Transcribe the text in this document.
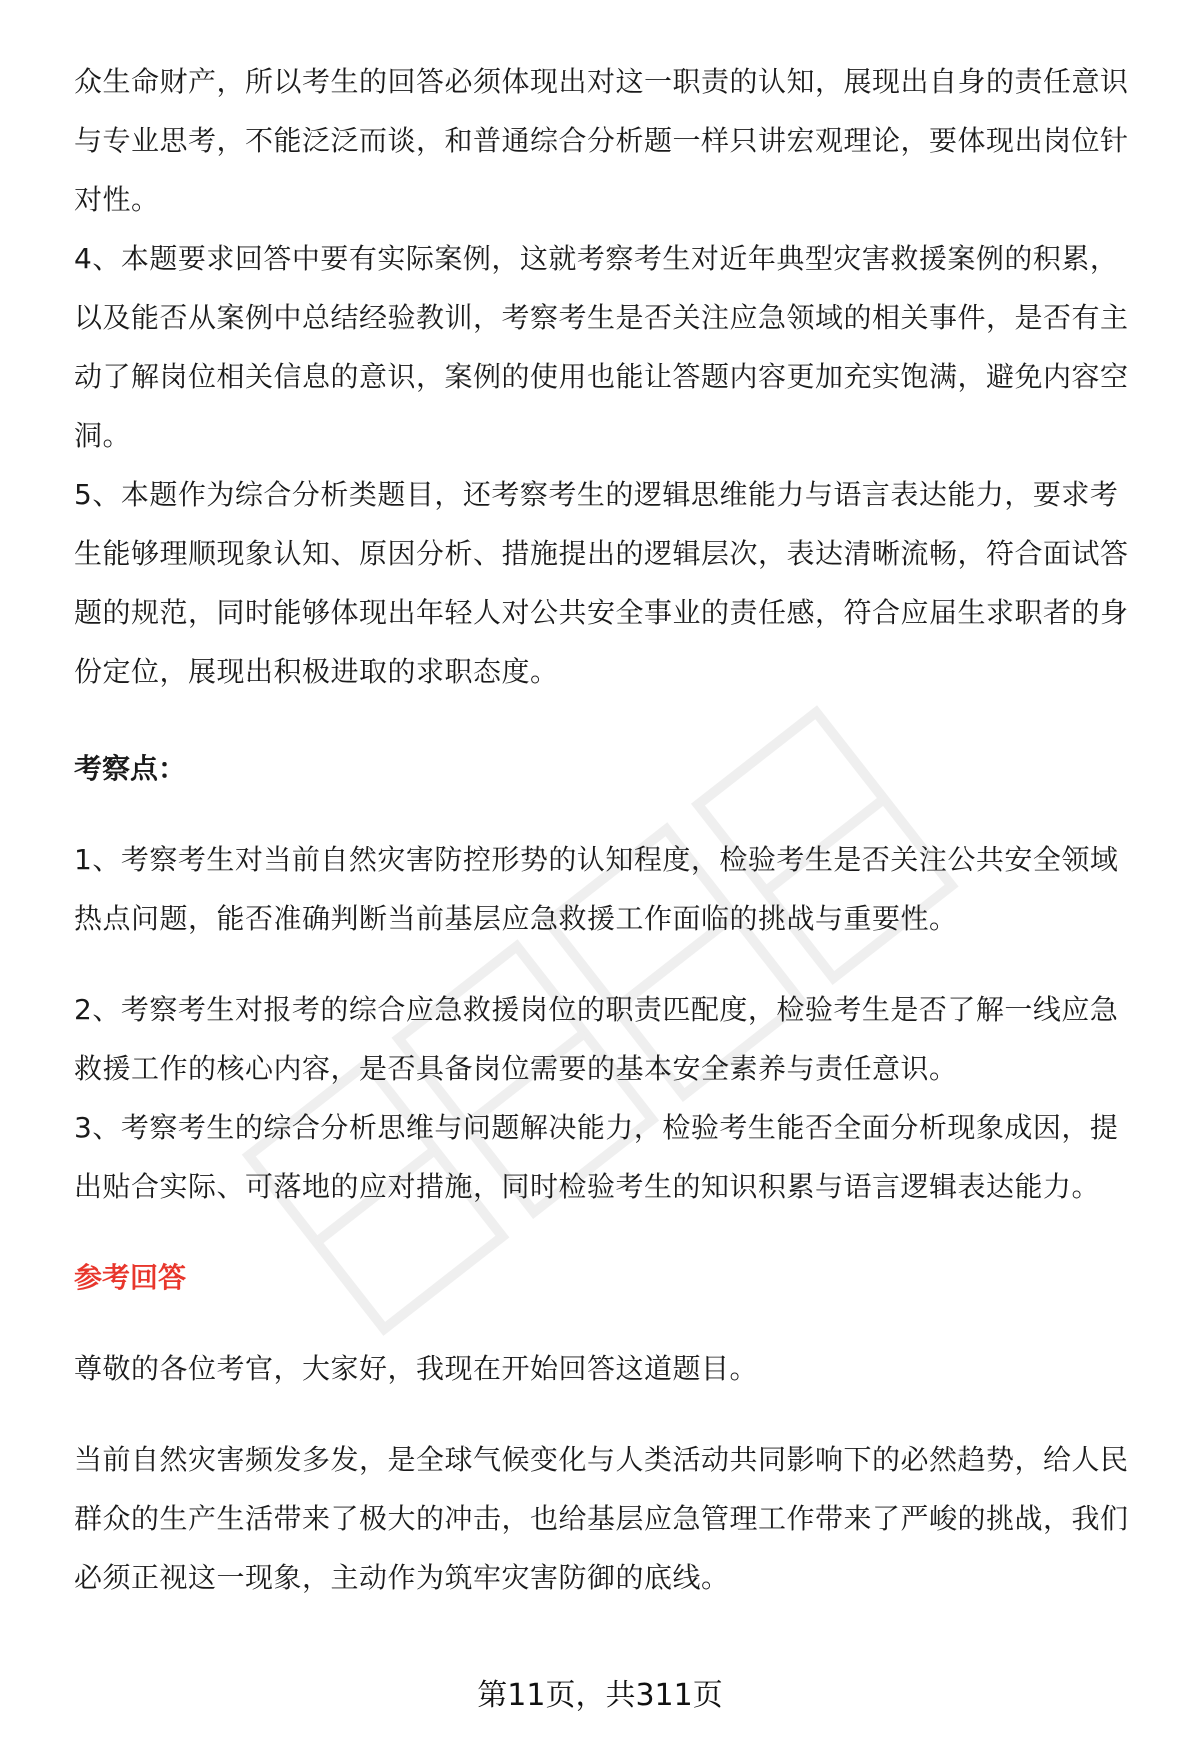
众生命财产，所以考生的回答必须体现出对这一职责的认知，展现出自身的责任意识与专业思考，不能泛泛而谈，和普通综合分析题一样只讲宏观理论，要体现出岗位针对性。

4、本题要求回答中要有实际案例，这就考察考生对近年典型灾害救援案例的积累，以及能否从案例中总结经验教训，考察考生是否关注应急领域的相关事件，是否有主动了解岗位相关信息的意识，案例的使用也能让答题内容更加充实饱满，避免内容空洞。

5、本题作为综合分析类题目，还考察考生的逻辑思维能力与语言表达能力，要求考生能够理顺现象认知、原因分析、措施提出的逻辑层次，表达清晰流畅，符合面试答题的规范，同时能够体现出年轻人对公共安全事业的责任感，符合应届生求职者的身份定位，展现出积极进取的求职态度。

考察点：

1、考察考生对当前自然灾害防控形势的认知程度，检验考生是否关注公共安全领域热点问题，能否准确判断当前基层应急救援工作面临的挑战与重要性。

2、考察考生对报考的综合应急救援岗位的职责匹配度，检验考生是否了解一线应急救援工作的核心内容，是否具备岗位需要的基本安全素养与责任意识。

3、考察考生的综合分析思维与问题解决能力，检验考生能否全面分析现象成因，提出贴合实际、可落地的应对措施，同时检验考生的知识积累与语言逻辑表达能力。

参考回答

尊敬的各位考官，大家好，我现在开始回答这道题目。

当前自然灾害频发多发，是全球气候变化与人类活动共同影响下的必然趋势，给人民群众的生产生活带来了极大的冲击，也给基层应急管理工作带来了严峻的挑战，我们必须正视这一现象，主动作为筑牢灾害防御的底线。

第11页，共311页
